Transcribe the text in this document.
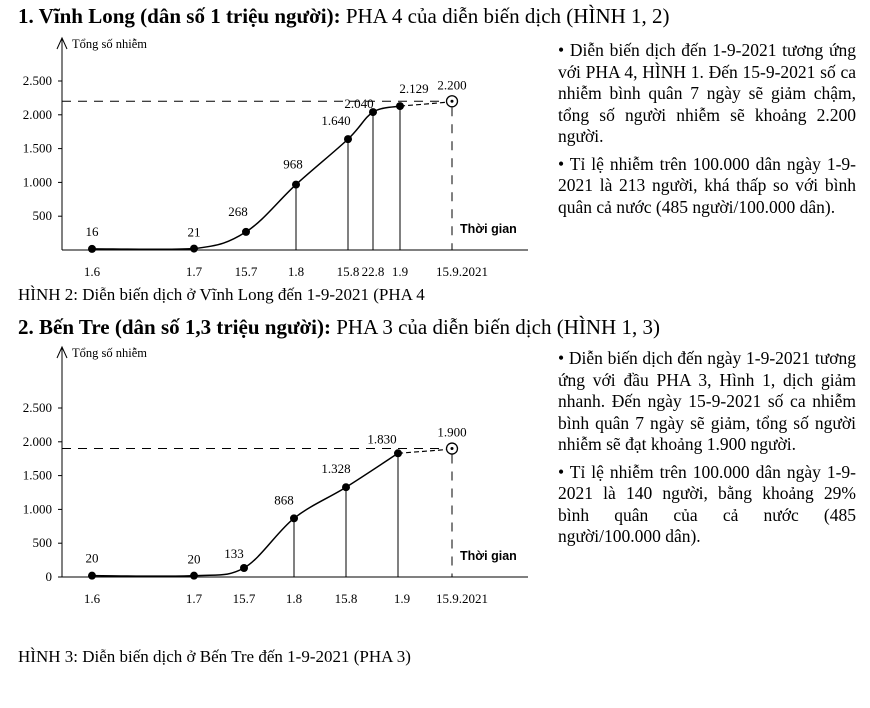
1. Vĩnh Long (dân số 1 triệu người): PHA 4 của diễn biến dịch (HÌNH 1, 2)
Tổng số nhiễm
2.500
2.000
1.500
1.000
500
16	21
268
968
1.640
2.040
2.129 2.200
Thời gian
1.6	1.7	15.7 1.8	15.8 22.8 1.9 15.9.2021
HÌNH 2: Diễn biến dịch ở Vĩnh Long đến 1-9-2021 (PHA 4

• Diễn biến dịch đến 1-9-2021 tương ứng với PHA 4, HÌNH 1. Đến 15-9-2021 số ca nhiễm bình quân 7 ngày sẽ giảm chậm, tổng số người nhiễm sẽ khoảng 2.200 người.

• Tỉ lệ nhiễm trên 100.000 dân ngày 1-9-2021 là 213 người, khá thấp so với bình quân cả nước (485 người/100.000 dân).

2. Bến Tre (dân số 1,3 triệu người): PHA 3 của diễn biến dịch (HÌNH 1, 3)
Tổng số nhiễm
2.500
2.000
1.500
1.000
500
0
20	20 133
868
1.328
1.830	1.900
Thời gian
1.6	1.7 15.7 1.8	15.8	1.9 15.9.2021
HÌNH 3: Diễn biến dịch ở Bến Tre đến 1-9-2021 (PHA 3)

• Diễn biến dịch đến ngày 1-9-2021 tương ứng với đầu PHA 3, Hình 1, dịch giảm nhanh. Đến ngày 15-9-2021 số ca nhiễm bình quân 7 ngày sẽ giảm, tổng số người nhiễm sẽ đạt khoảng 1.900 người.

• Tỉ lệ nhiễm trên 100.000 dân ngày 1-9-2021 là 140 người, bằng khoảng 29% bình quân của cả nước (485 người/100.000 dân).
